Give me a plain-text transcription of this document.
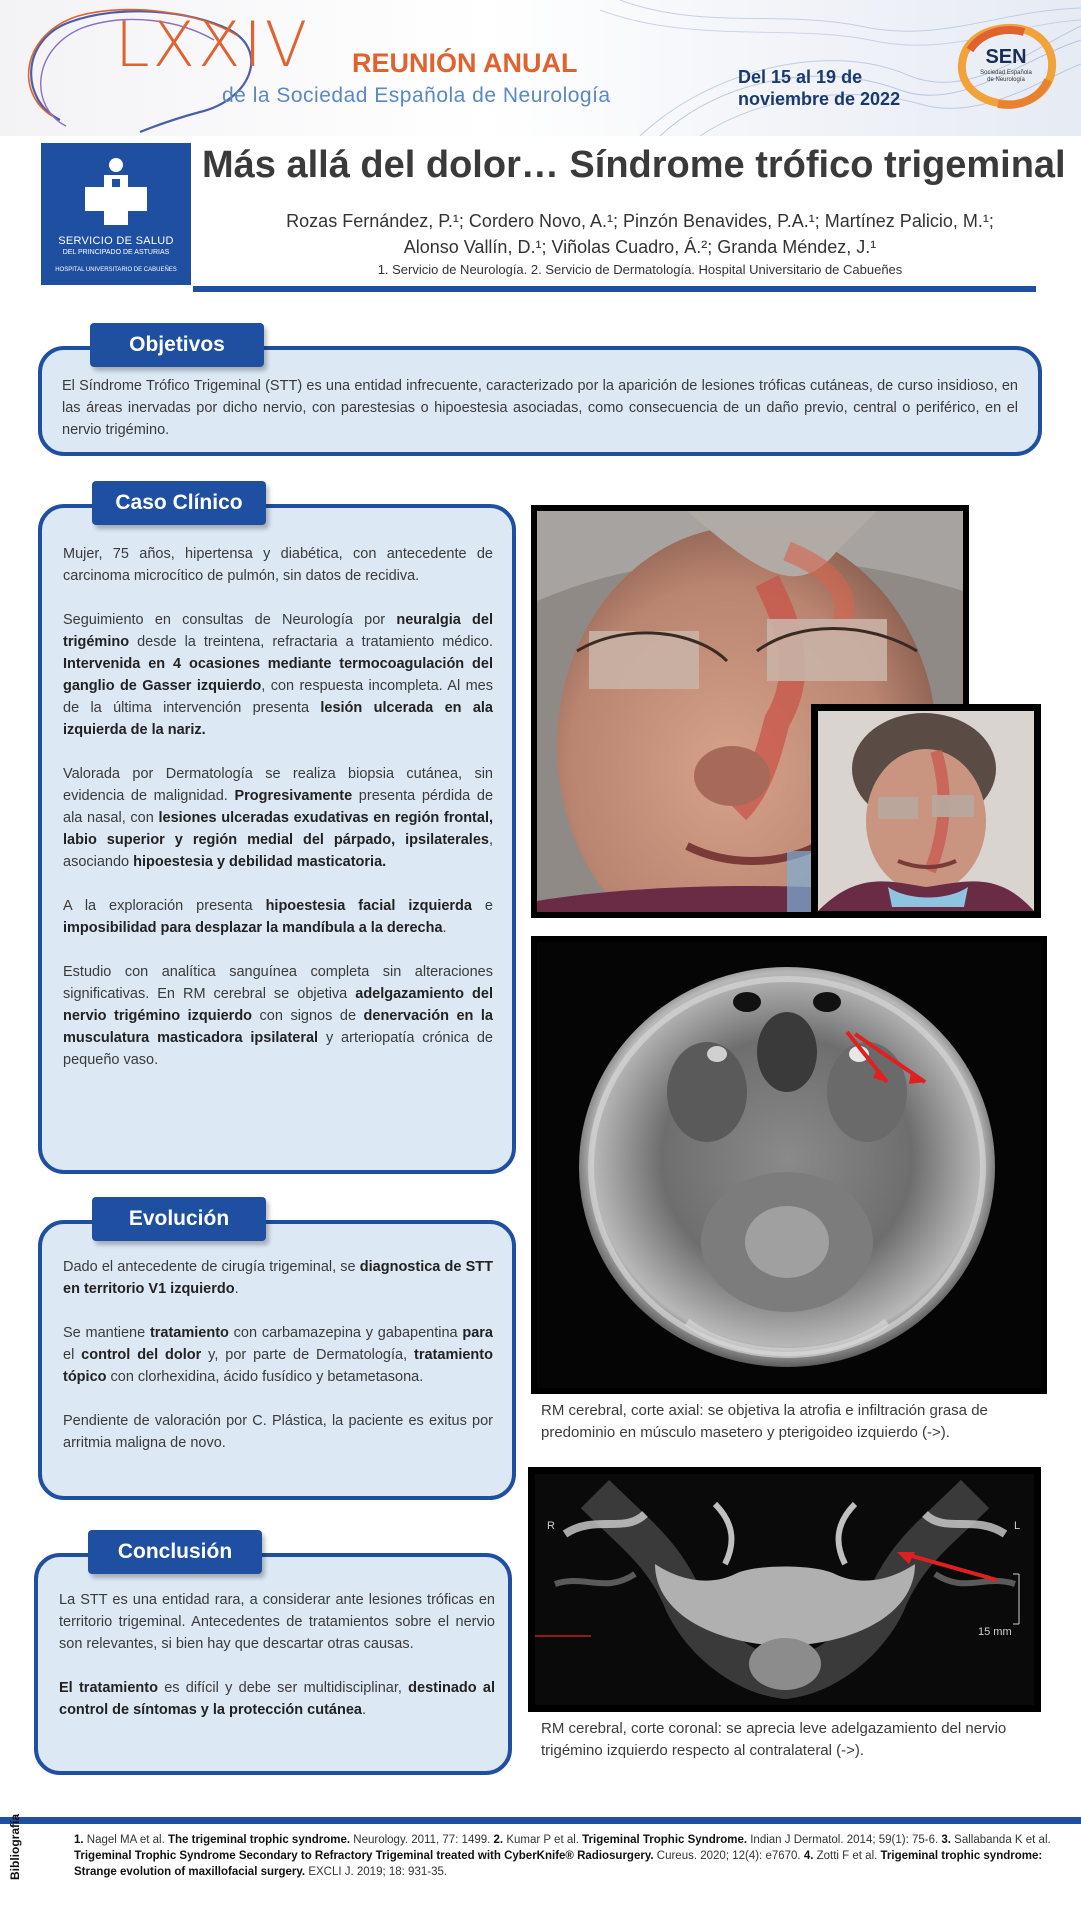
LXXIV REUNIÓN ANUAL
de la Sociedad Española de Neurología
Del 15 al 19 de
noviembre de 2022
SEN
Sociedad Española
de Neurología
SERVICIO DE SALUD
DEL PRINCIPADO DE ASTURIAS
HOSPITAL UNIVERSITARIO DE CABUEÑES
Más allá del dolor… Síndrome trófico trigeminal
Rozas Fernández, P.¹; Cordero Novo, A.¹; Pinzón Benavides, P.A.¹; Martínez Palicio, M.¹;
Alonso Vallín, D.¹; Viñolas Cuadro, Á.²; Granda Méndez, J.¹
1. Servicio de Neurología. 2. Servicio de Dermatología. Hospital Universitario de Cabueñes
Objetivos
El Síndrome Trófico Trigeminal (STT) es una entidad infrecuente, caracterizado por la aparición de lesiones tróficas cutáneas, de curso insidioso, en las áreas inervadas por dicho nervio, con parestesias o hipoestesia asociadas, como consecuencia de un daño previo, central o periférico, en el nervio trigémino.
Caso Clínico

Mujer, 75 años, hipertensa y diabética, con antecedente de carcinoma microcítico de pulmón, sin datos de recidiva.

Seguimiento en consultas de Neurología por neuralgia del trigémino desde la treintena, refractaria a tratamiento médico. Intervenida en 4 ocasiones mediante termocoagulación del ganglio de Gasser izquierdo, con respuesta incompleta. Al mes de la última intervención presenta lesión ulcerada en ala izquierda de la nariz.

Valorada por Dermatología se realiza biopsia cutánea, sin evidencia de malignidad. Progresivamente presenta pérdida de ala nasal, con lesiones ulceradas exudativas en región frontal, labio superior y región medial del párpado, ipsilaterales, asociando hipoestesia y debilidad masticatoria.

A la exploración presenta hipoestesia facial izquierda e imposibilidad para desplazar la mandíbula a la derecha.

Estudio con analítica sanguínea completa sin alteraciones significativas. En RM cerebral se objetiva adelgazamiento del nervio trigémino izquierdo con signos de denervación en la musculatura masticadora ipsilateral y arteriopatía crónica de pequeño vaso.

Evolución

Dado el antecedente de cirugía trigeminal, se diagnostica de STT en territorio V1 izquierdo.

Se mantiene tratamiento con carbamazepina y gabapentina para el control del dolor y, por parte de Dermatología, tratamiento tópico con clorhexidina, ácido fusídico y betametasona.

Pendiente de valoración por C. Plástica, la paciente es exitus por arritmia maligna de novo.

Conclusión

La STT es una entidad rara, a considerar ante lesiones tróficas en territorio trigeminal. Antecedentes de tratamientos sobre el nervio son relevantes, si bien hay que descartar otras causas.

El tratamiento es difícil y debe ser multidisciplinar, destinado al control de síntomas y la protección cutánea.

RM cerebral, corte axial: se objetiva la atrofia e infiltración grasa de predominio en músculo masetero y pterigoideo izquierdo (->).
R	L
15 mm
RM cerebral, corte coronal: se aprecia leve adelgazamiento del nervio trigémino izquierdo respecto al contralateral (->).
Bibliografía	1. Nagel MA et al. The trigeminal trophic syndrome. Neurology. 2011, 77: 1499. 2. Kumar P et al. Trigeminal Trophic Syndrome. Indian J Dermatol. 2014; 59(1): 75-6. 3. Sallabanda K et al. Trigeminal Trophic Syndrome Secondary to Refractory Trigeminal treated with CyberKnife® Radiosurgery. Cureus. 2020; 12(4): e7670. 4. Zotti F et al. Trigeminal trophic syndrome: Strange evolution of maxillofacial surgery. EXCLI J. 2019; 18: 931-35.
